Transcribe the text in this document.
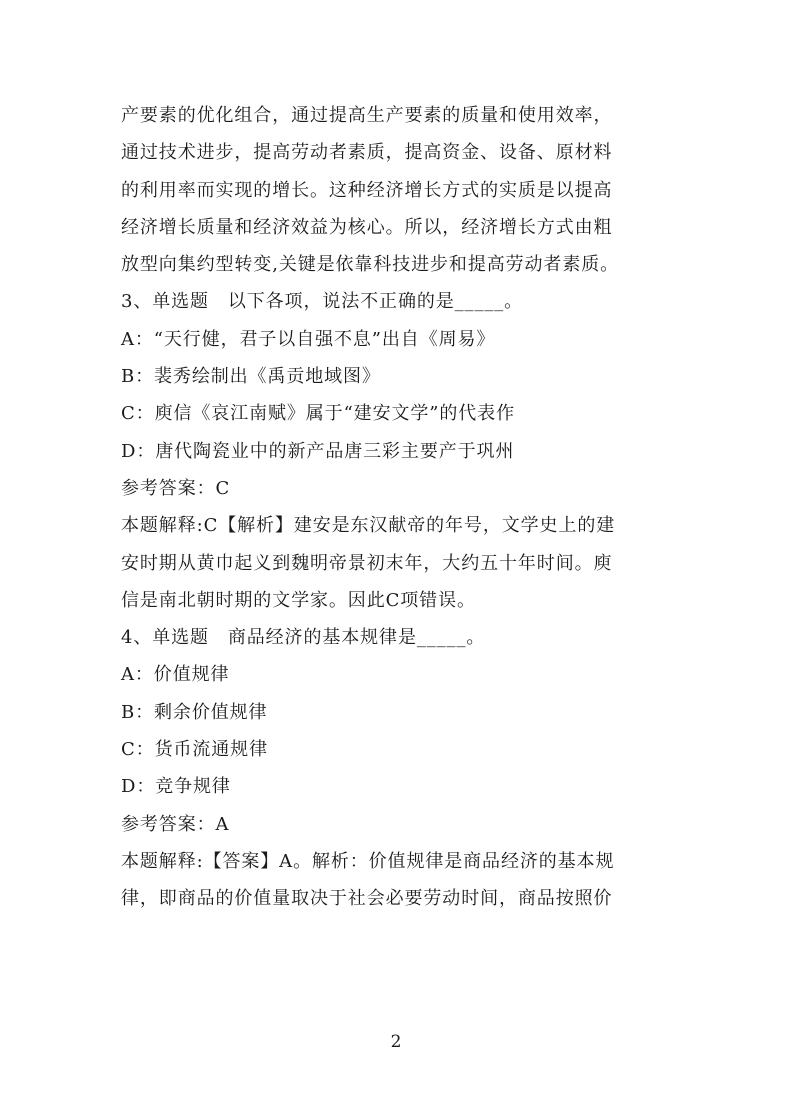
产要素的优化组合，通过提高生产要素的质量和使用效率，
通过技术进步，提高劳动者素质，提高资金、设备、原材料
的利用率而实现的增长。这种经济增长方式的实质是以提高
经济增长质量和经济效益为核心。所以，经济增长方式由粗
放型向集约型转变,关键是依靠科技进步和提高劳动者素质。
3、单选题　以下各项，说法不正确的是_____。
A：“天行健，君子以自强不息”出自《周易》
B：裴秀绘制出《禹贡地域图》
C：庾信《哀江南赋》属于“建安文学”的代表作
D：唐代陶瓷业中的新产品唐三彩主要产于巩州
参考答案：C
本题解释:C【解析】建安是东汉献帝的年号，文学史上的建
安时期从黄巾起义到魏明帝景初末年，大约五十年时间。庾
信是南北朝时期的文学家。因此C项错误。
4、单选题　商品经济的基本规律是_____。
A：价值规律
B：剩余价值规律
C：货币流通规律
D：竞争规律
参考答案：A
本题解释:【答案】A。解析：价值规律是商品经济的基本规
律，即商品的价值量取决于社会必要劳动时间，商品按照价
2
